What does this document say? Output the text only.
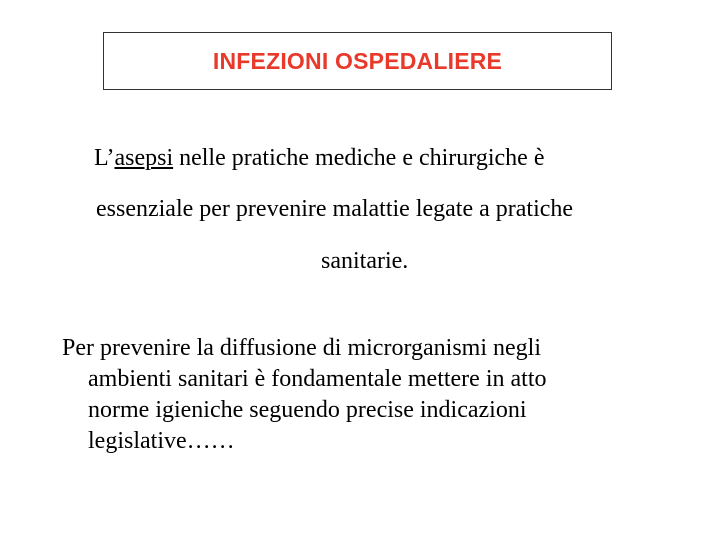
INFEZIONI OSPEDALIERE

L’asepsi nelle pratiche mediche e chirurgiche è

essenziale per prevenire malattie legate a pratiche

sanitarie.

Per prevenire la diffusione di microrganismi negli
ambienti sanitari è fondamentale mettere in atto
norme igieniche seguendo precise indicazioni
legislative……
